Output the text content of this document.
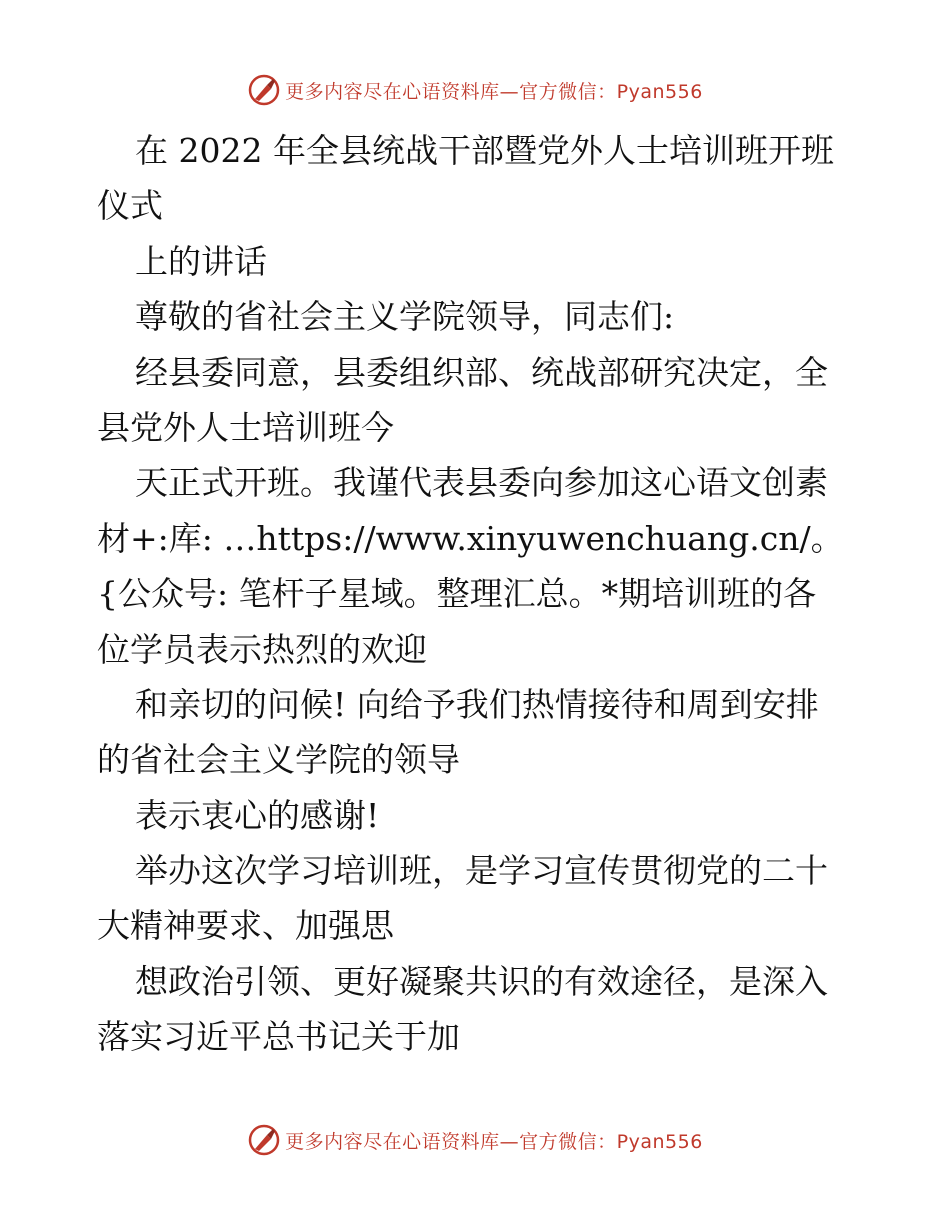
更多内容尽在心语资料库—官方微信：Pyan556
在 2022 年全县统战干部暨党外人士培训班开班
仪式
上的讲话
尊敬的省社会主义学院领导，同志们:
经县委同意，县委组织部、统战部研究决定，全
县党外人士培训班今
天正式开班。我谨代表县委向参加这心语文创素
材+:库: …https://www.xinyuwenchuang.cn/。
{公众号: 笔杆子星域。整理汇总。*期培训班的各
位学员表示热烈的欢迎
和亲切的问候! 向给予我们热情接待和周到安排
的省社会主义学院的领导
表示衷心的感谢!
举办这次学习培训班，是学习宣传贯彻党的二十
大精神要求、加强思
想政治引领、更好凝聚共识的有效途径，是深入
落实习近平总书记关于加
更多内容尽在心语资料库—官方微信：Pyan556
